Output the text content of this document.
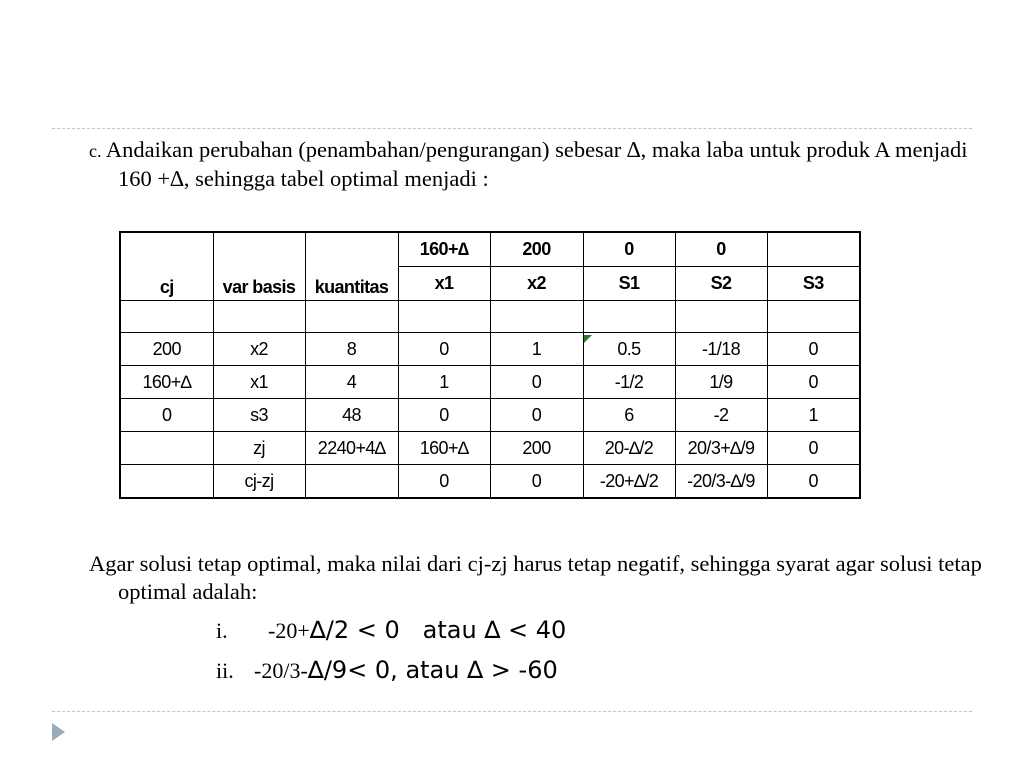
c. Andaikan perubahan (penambahan/pengurangan) sebesar ∆, maka laba untuk produk A menjadi 160 +∆, sehingga tabel optimal menjadi :
cj	var basis	kuantitas	160+∆	200	0	0	
			x1	x2	S1	S2	S3

200	x2	8	0	1	0.5	-1/18	0
160+∆	x1	4	1	0	-1/2	1/9	0
0	s3	48	0	0	6	-2	1
	zj	2240+4∆	160+∆	200	20-∆/2	20/3+∆/9	0
	cj-zj		0	0	-20+∆/2	-20/3-∆/9	0
Agar solusi tetap optimal, maka nilai dari cj-zj harus tetap negatif, sehingga syarat agar solusi tetap optimal adalah:
i. -20+∆/2 < 0   atau ∆ < 40
ii. -20/3-∆/9< 0, atau ∆ > -60
